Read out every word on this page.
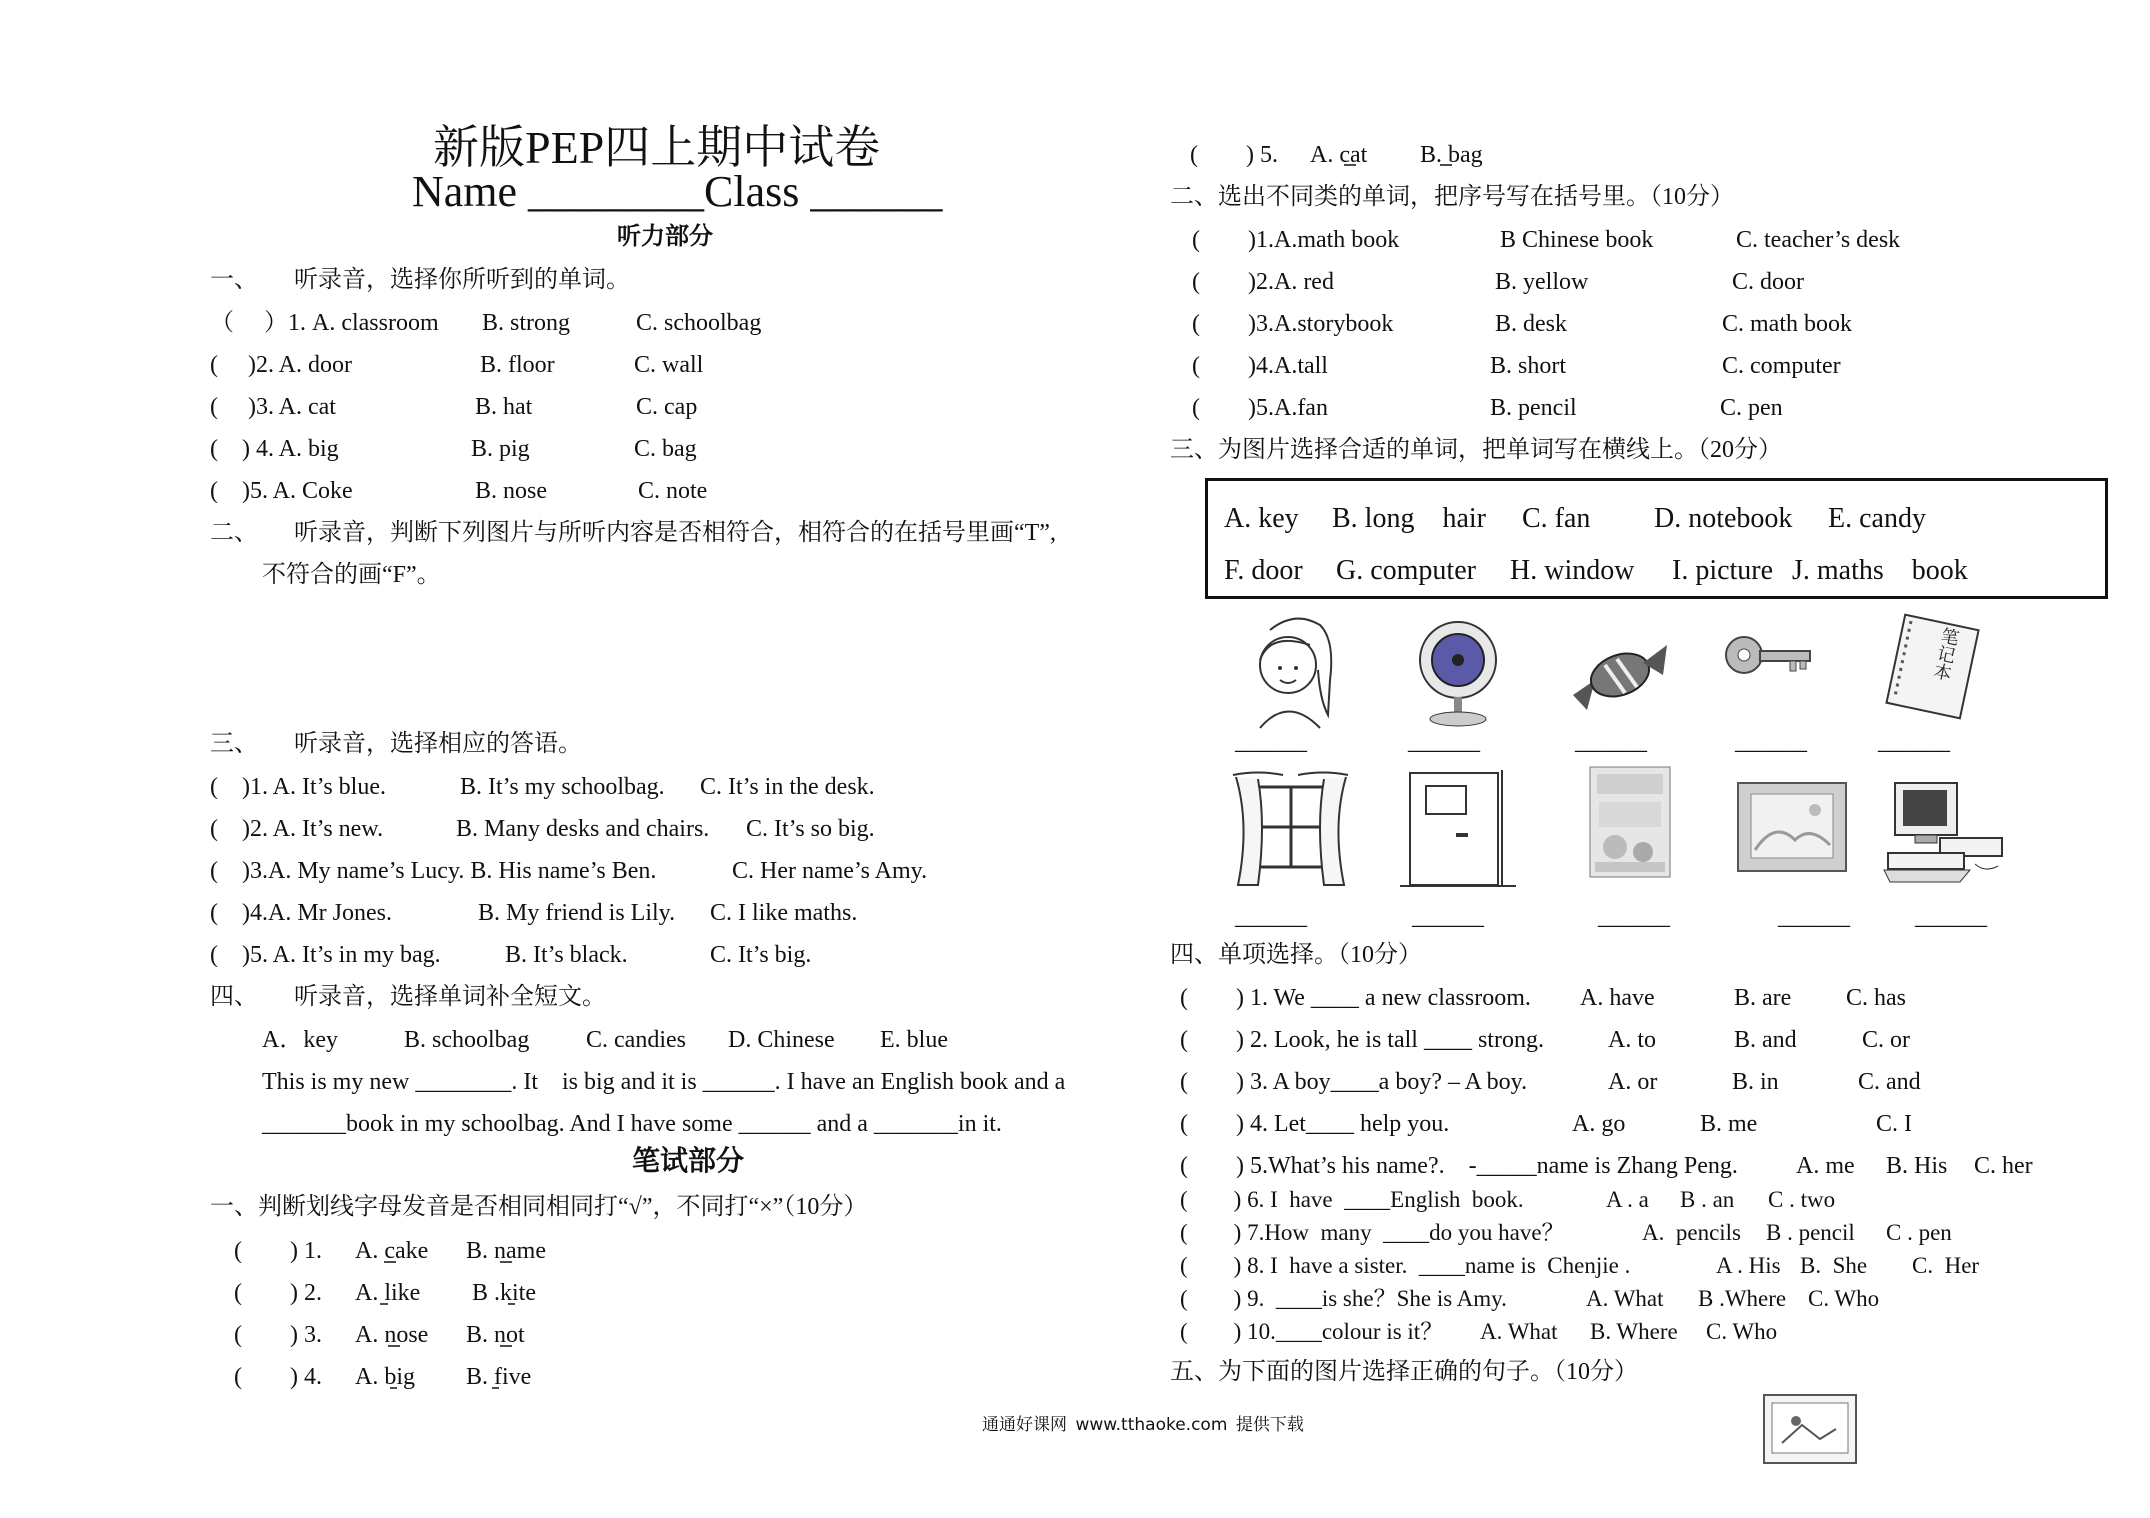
新版PEP四上期中试卷
Name ________Class ______
听力部分
一、　　听录音，选择你所听到的单词。
（　 ）1. A. classroom B. strong	C. schoolbag
(　 )2. A. door	B. floor	C. wall
(　 )3. A. cat	B. hat	C. cap
(　) 4. A. big	B. pig	C. bag
(　)5. A. Coke	B. nose	C. note
二、　　听录音，判断下列图片与所听内容是否相符合，相符合的在括号里画“T”,
不符合的画“F”。
三、　　听录音，选择相应的答语。
(　)1. A. It’s blue.	B. It’s my schoolbag. C. It’s in the desk.
(　)2. A. It’s new.	B. Many desks and chairs. C. It’s so big.
(　)3.A. My name’s Lucy. B. His name’s Ben.	C. Her name’s Amy.
(　)4.A. Mr Jones.	B. My friend is Lily. C. I like maths.
(　)5. A. It’s in my bag.	B. It’s black.	C. It’s big.
四、　　听录音，选择单词补全短文。
A．key	B. schoolbag C. candies D. Chinese E. blue
This is my new ________. It　is big and it is ______. I have an English book and a
_______book in my schoolbag. And I have some ______ and a _______in it.
笔试部分
一、判断划线字母发音是否相同相同打“√”，不同打“×”（10分）
(　　) 1. A. cake B. name
(　　) 2. A. like B .kite
(　　) 3. A. nose B. not
(　　) 4. A. big B. five
(　　) 5. A. cat B. bag
二、选出不同类的单词，把序号写在括号里。（10分）
(　　)1.A.math book	B Chinese book	C. teacher’s desk
(　　)2.A. red	B. yellow	C. door
(　　)3.A.storybook	B. desk	C. math book
(　　)4.A.tall	B. short	C. computer
(　　)5.A.fan	B. pencil	C. pen
三、为图片选择合适的单词，把单词写在横线上。（20分）
A. key B. long　hair C. fan D. notebook E. candy
F. door G. computer H. window I. picture J. maths　book
笔记本
______	______	______	______	______
______	______	______	______	______
四、单项选择。（10分）
(　　) 1. We ____ a new classroom. A. have	B. are C. has
(　　) 2. Look, he is tall ____ strong.	A. to	B. and	C. or
(　　) 3. A boy____a boy? – A boy.	A. or	B. in	C. and
(　　) 4. Let____ help you.	A. go	B. me	C. I
(　　) 5.What’s his name?.　-_____name is Zhang Peng. A. me B. His C. her
(　　) 6. I have ____English book.	A . a B . an C . two
(　　) 7.How many ____do you have？	A. pencils B . pencil C . pen
(　　) 8. I have a sister. ____name is Chenjie .	A . His B. She C. Her
(　　) 9. ____is she？She is Amy.	A. What B .Where C. Who
(　　) 10.____colour is it？ A. What B. Where C. Who
五、为下面的图片选择正确的句子。（10分）
通通好课网 www.tthaoke.com 提供下载
